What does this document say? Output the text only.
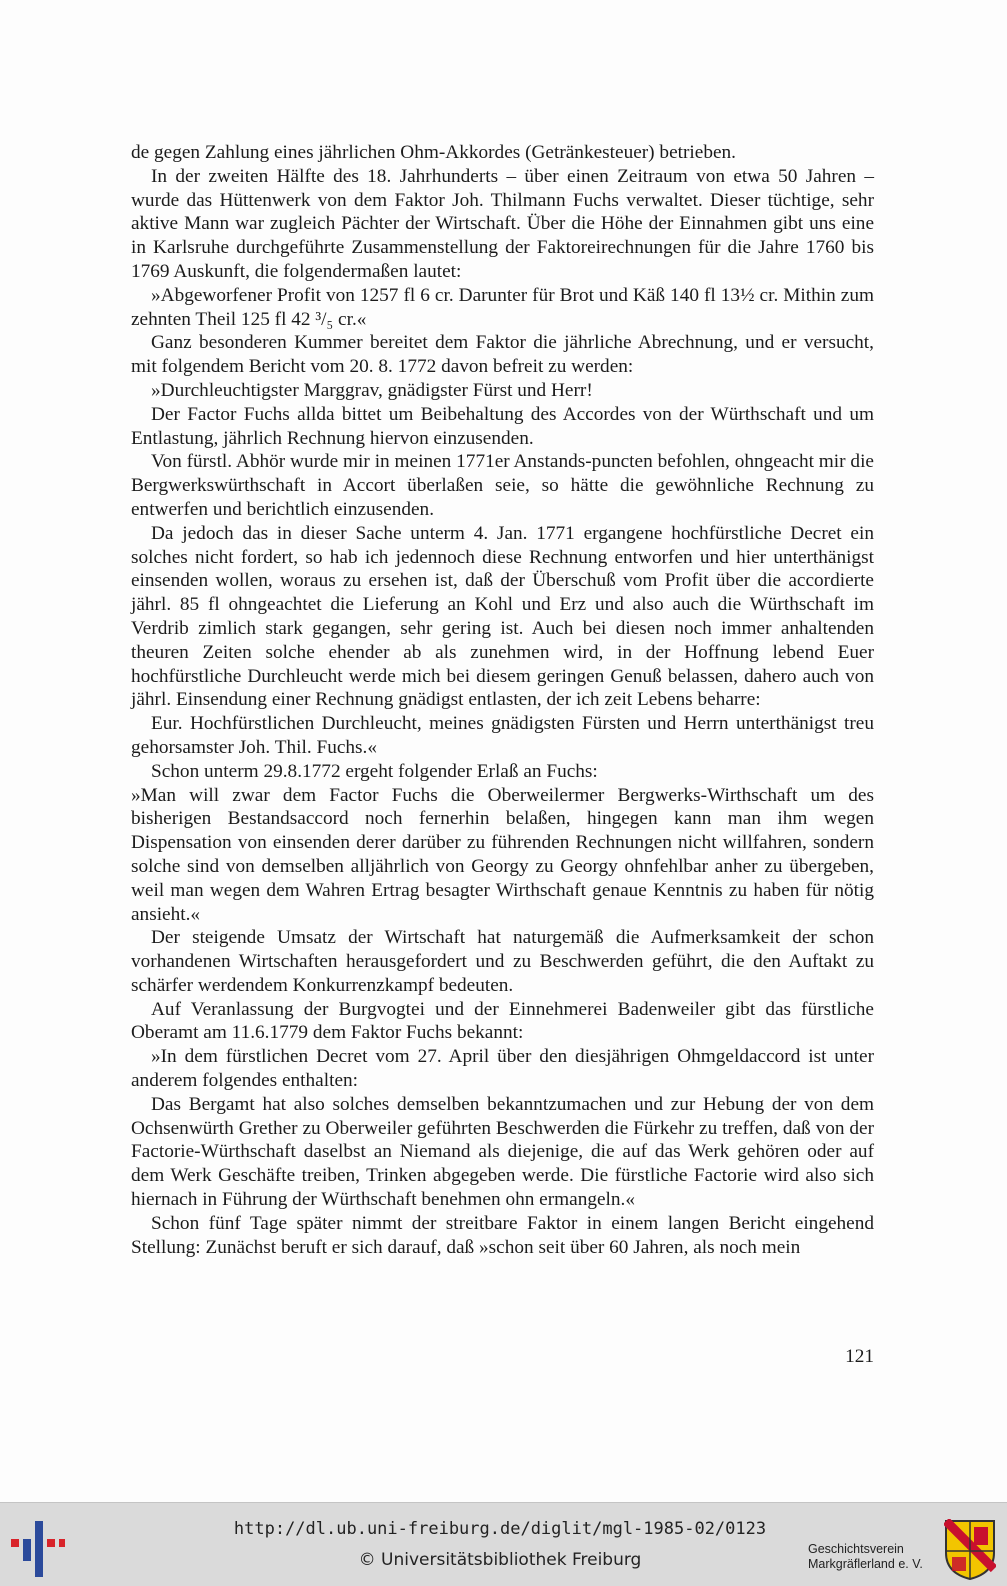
de gegen Zahlung eines jährlichen Ohm-Akkordes (Getränkesteuer) betrieben.

In der zweiten Hälfte des 18. Jahrhunderts – über einen Zeitraum von etwa 50 Jahren – wurde das Hüttenwerk von dem Faktor Joh. Thilmann Fuchs verwaltet. Dieser tüchtige, sehr aktive Mann war zugleich Pächter der Wirtschaft. Über die Höhe der Einnahmen gibt uns eine in Karlsruhe durchgeführte Zusammenstellung der Faktoreirechnungen für die Jahre 1760 bis 1769 Auskunft, die folgendermaßen lautet:

»Abgeworfener Profit von 1257 fl 6 cr. Darunter für Brot und Käß 140 fl 13½ cr. Mithin zum zehnten Theil 125 fl 42 ³/₅ cr.«

Ganz besonderen Kummer bereitet dem Faktor die jährliche Abrechnung, und er versucht, mit folgendem Bericht vom 20. 8. 1772 davon befreit zu werden:

»Durchleuchtigster Marggrav, gnädigster Fürst und Herr!

Der Factor Fuchs allda bittet um Beibehaltung des Accordes von der Würthschaft und um Entlastung, jährlich Rechnung hiervon einzusenden.

Von fürstl. Abhör wurde mir in meinen 1771er Anstands-puncten befohlen, ohngeacht mir die Bergwerkswürthschaft in Accort überlaßen seie, so hätte die gewöhnliche Rechnung zu entwerfen und berichtlich einzusenden.

Da jedoch das in dieser Sache unterm 4. Jan. 1771 ergangene hochfürstliche Decret ein solches nicht fordert, so hab ich jedennoch diese Rechnung entworfen und hier unterthänigst einsenden wollen, woraus zu ersehen ist, daß der Überschuß vom Profit über die accordierte jährl. 85 fl ohngeachtet die Lieferung an Kohl und Erz und also auch die Würthschaft im Verdrib zimlich stark gegangen, sehr gering ist. Auch bei diesen noch immer anhaltenden theuren Zeiten solche ehender ab als zunehmen wird, in der Hoffnung lebend Euer hochfürstliche Durchleucht werde mich bei diesem geringen Genuß belassen, dahero auch von jährl. Einsendung einer Rechnung gnädigst entlasten, der ich zeit Lebens beharre:

Eur. Hochfürstlichen Durchleucht, meines gnädigsten Fürsten und Herrn unterthänigst treu gehorsamster Joh. Thil. Fuchs.«

Schon unterm 29.8.1772 ergeht folgender Erlaß an Fuchs:

»Man will zwar dem Factor Fuchs die Oberweilermer Bergwerks-Wirthschaft um des bisherigen Bestandsaccord noch fernerhin belaßen, hingegen kann man ihm wegen Dispensation von einsenden derer darüber zu führenden Rechnungen nicht willfahren, sondern solche sind von demselben alljährlich von Georgy zu Georgy ohnfehlbar anher zu übergeben, weil man wegen dem Wahren Ertrag besagter Wirthschaft genaue Kenntnis zu haben für nötig ansieht.«

Der steigende Umsatz der Wirtschaft hat naturgemäß die Aufmerksamkeit der schon vorhandenen Wirtschaften herausgefordert und zu Beschwerden geführt, die den Auftakt zu schärfer werdendem Konkurrenzkampf bedeuten.

Auf Veranlassung der Burgvogtei und der Einnehmerei Badenweiler gibt das fürstliche Oberamt am 11.6.1779 dem Faktor Fuchs bekannt:

»In dem fürstlichen Decret vom 27. April über den diesjährigen Ohmgeldaccord ist unter anderem folgendes enthalten:

Das Bergamt hat also solches demselben bekanntzumachen und zur Hebung der von dem Ochsenwürth Grether zu Oberweiler geführten Beschwerden die Fürkehr zu treffen, daß von der Factorie-Würthschaft daselbst an Niemand als diejenige, die auf das Werk gehören oder auf dem Werk Geschäfte treiben, Trinken abgegeben werde. Die fürstliche Factorie wird also sich hiernach in Führung der Würthschaft benehmen ohn ermangeln.«

Schon fünf Tage später nimmt der streitbare Faktor in einem langen Bericht eingehend Stellung: Zunächst beruft er sich darauf, daß »schon seit über 60 Jahren, als noch mein

121
http://dl.ub.uni-freiburg.de/diglit/mgl-1985-02/0123
© Universitätsbibliothek Freiburg
Geschichtsverein
Markgräflerland e. V.
